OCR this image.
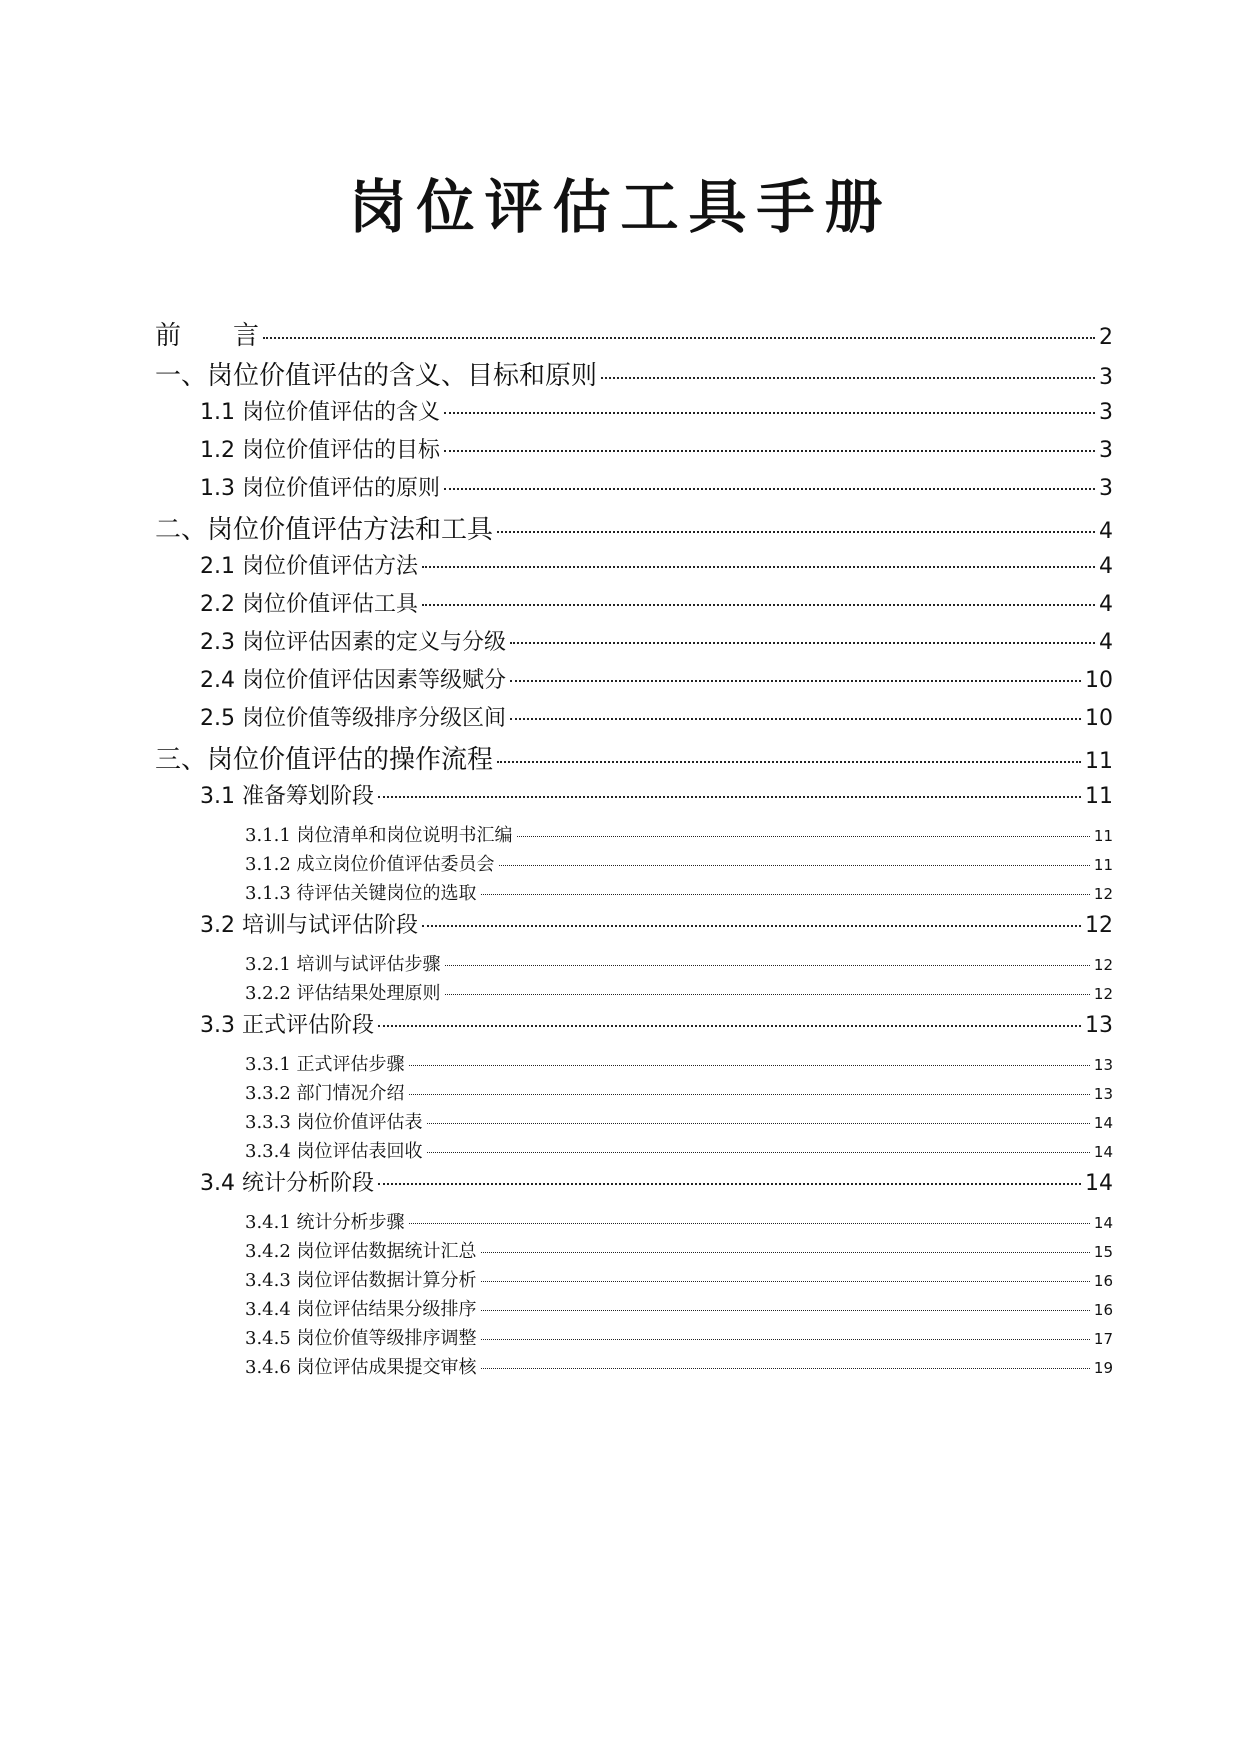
岗位评估工具手册
前　　言	2
一、岗位价值评估的含义、目标和原则	3
1.1 岗位价值评估的含义	3
1.2 岗位价值评估的目标	3
1.3 岗位价值评估的原则	3
二、岗位价值评估方法和工具	4
2.1 岗位价值评估方法	4
2.2 岗位价值评估工具	4
2.3 岗位评估因素的定义与分级	4
2.4 岗位价值评估因素等级赋分	10
2.5 岗位价值等级排序分级区间	10
三、岗位价值评估的操作流程	11
3.1 准备筹划阶段	11
3.1.1 岗位清单和岗位说明书汇编	11
3.1.2 成立岗位价值评估委员会	11
3.1.3 待评估关键岗位的选取	12
3.2 培训与试评估阶段	12
3.2.1 培训与试评估步骤	12
3.2.2 评估结果处理原则	12
3.3 正式评估阶段	13
3.3.1 正式评估步骤	13
3.3.2 部门情况介绍	13
3.3.3 岗位价值评估表	14
3.3.4 岗位评估表回收	14
3.4 统计分析阶段	14
3.4.1 统计分析步骤	14
3.4.2 岗位评估数据统计汇总	15
3.4.3 岗位评估数据计算分析	16
3.4.4 岗位评估结果分级排序	16
3.4.5 岗位价值等级排序调整	17
3.4.6 岗位评估成果提交审核	19
